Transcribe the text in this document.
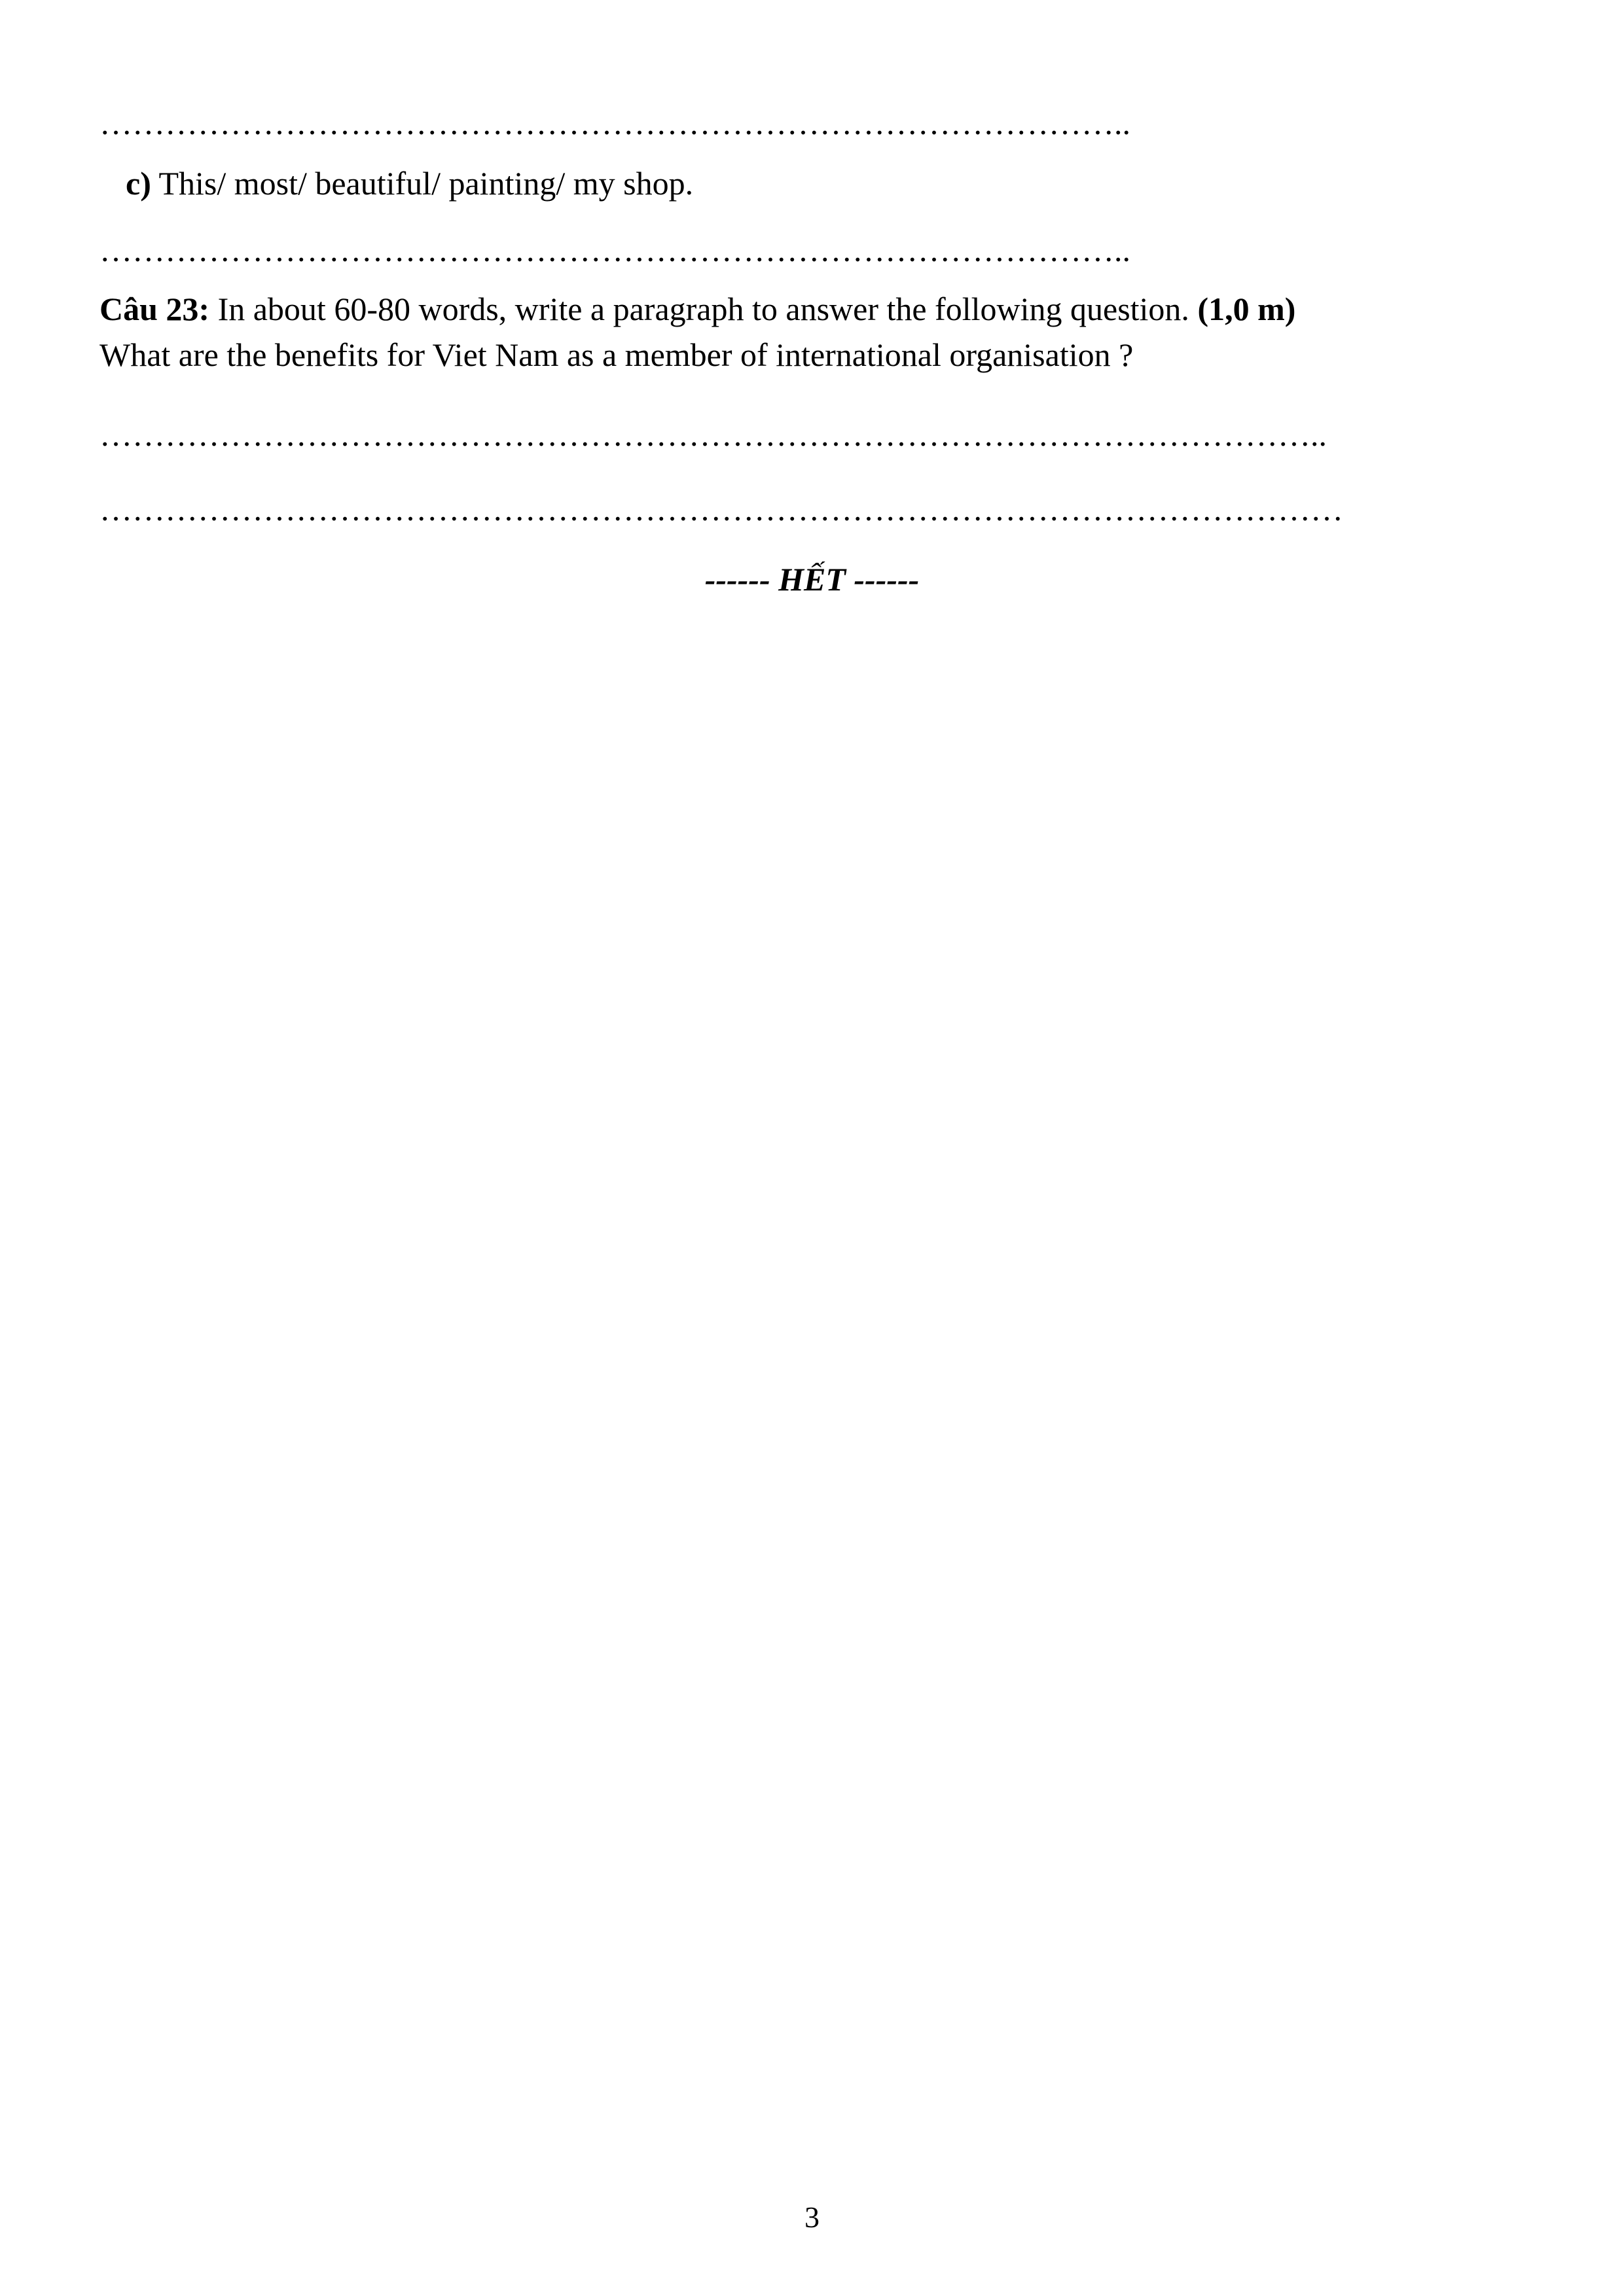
…………………………………………………………………………………..
c) This/ most/ beautiful/ painting/ my shop.
…………………………………………………………………………………..
Câu 23: In about 60-80 words, write a paragraph to answer the following question. (1,0 m)
What are the benefits for Viet Nam as a member of international organisation ?
…………………………………………………………………………………………………..
……………………………………………………………………………………………………
------ HẾT ------
3
